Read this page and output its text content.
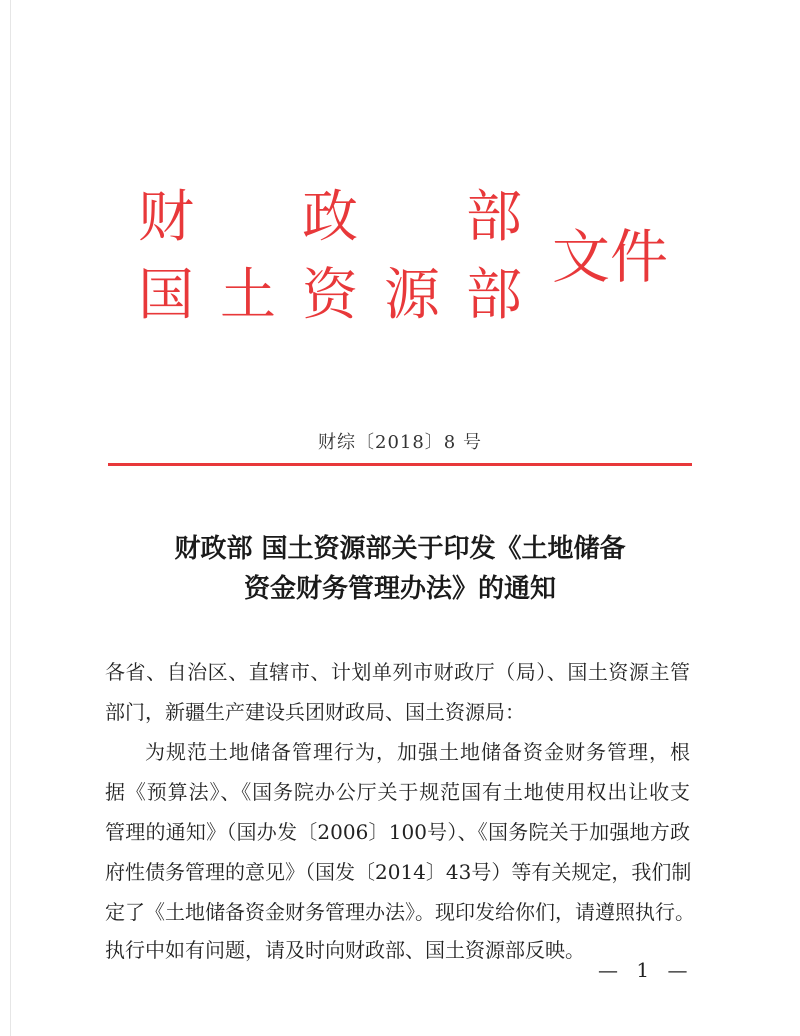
财 政 部
国 土 资 源 部
文件
财综〔2018〕8 号
财政部 国土资源部关于印发《土地储备
资金财务管理办法》的通知
各省、自治区、直辖市、计划单列市财政厅（局）、国土资源主管
部门，新疆生产建设兵团财政局、国土资源局：
为规范土地储备管理行为，加强土地储备资金财务管理，根
据《预算法》、《国务院办公厅关于规范国有土地使用权出让收支
管理的通知》（国办发〔2006〕100号）、《国务院关于加强地方政
府性债务管理的意见》（国发〔2014〕43号）等有关规定，我们制
定了《土地储备资金财务管理办法》。现印发给你们，请遵照执行。
执行中如有问题，请及时向财政部、国土资源部反映。
— 1 —
